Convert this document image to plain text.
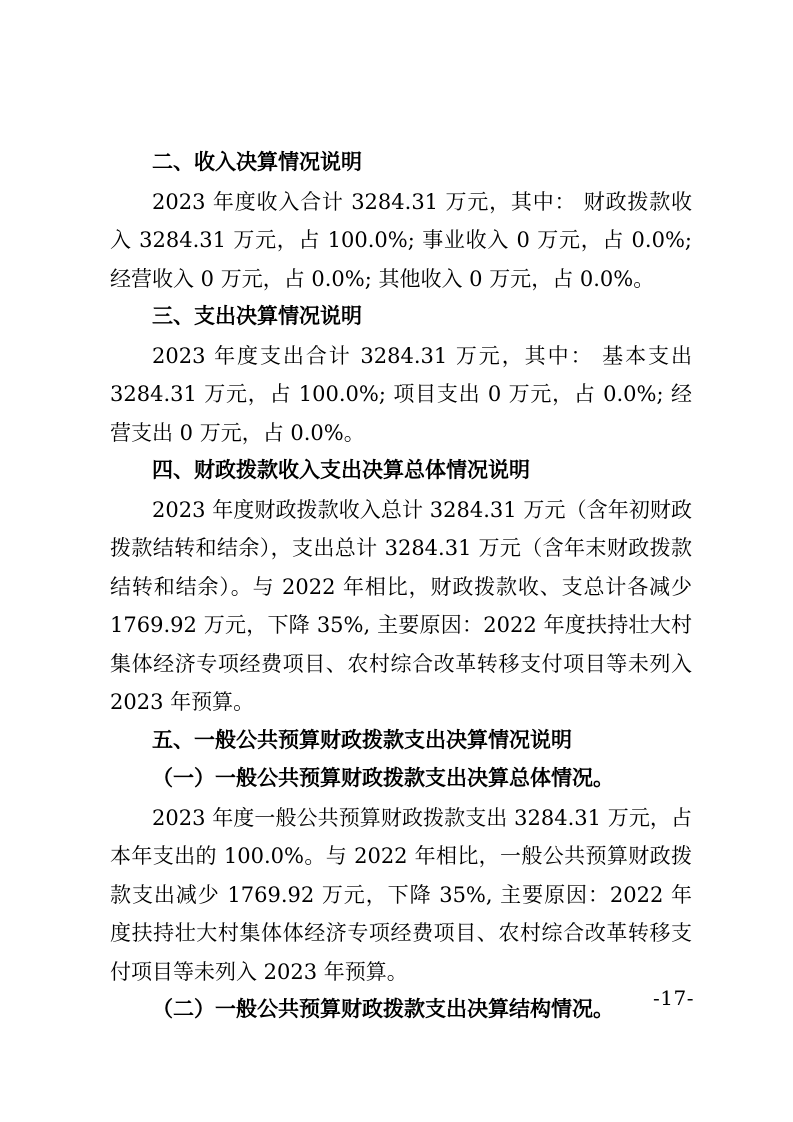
二、收入决算情况说明

2023 年度收入合计 3284.31 万元，其中： 财政拨款收入 3284.31 万元，占 100.0%; 事业收入 0 万元，占 0.0%; 经营收入 0 万元，占 0.0%; 其他收入 0 万元，占 0.0%。

三、支出决算情况说明

2023 年度支出合计 3284.31 万元，其中： 基本支出 3284.31 万元，占 100.0%; 项目支出 0 万元，占 0.0%; 经营支出 0 万元，占 0.0%。

四、财政拨款收入支出决算总体情况说明

2023 年度财政拨款收入总计 3284.31 万元（含年初财政拨款结转和结余），支出总计 3284.31 万元（含年末财政拨款结转和结余）。与 2022 年相比，财政拨款收、支总计各减少 1769.92 万元，下降 35%, 主要原因：2022 年度扶持壮大村集体经济专项经费项目、农村综合改革转移支付项目等未列入 2023 年预算。

五、一般公共预算财政拨款支出决算情况说明
（一）一般公共预算财政拨款支出决算总体情况。

2023 年度一般公共预算财政拨款支出 3284.31 万元，占本年支出的 100.0%。与 2022 年相比，一般公共预算财政拨款支出减少 1769.92 万元，下降 35%, 主要原因：2022 年度扶持壮大村集体体经济专项经费项目、农村综合改革转移支付项目等未列入 2023 年预算。

（二）一般公共预算财政拨款支出决算结构情况。	-17-
